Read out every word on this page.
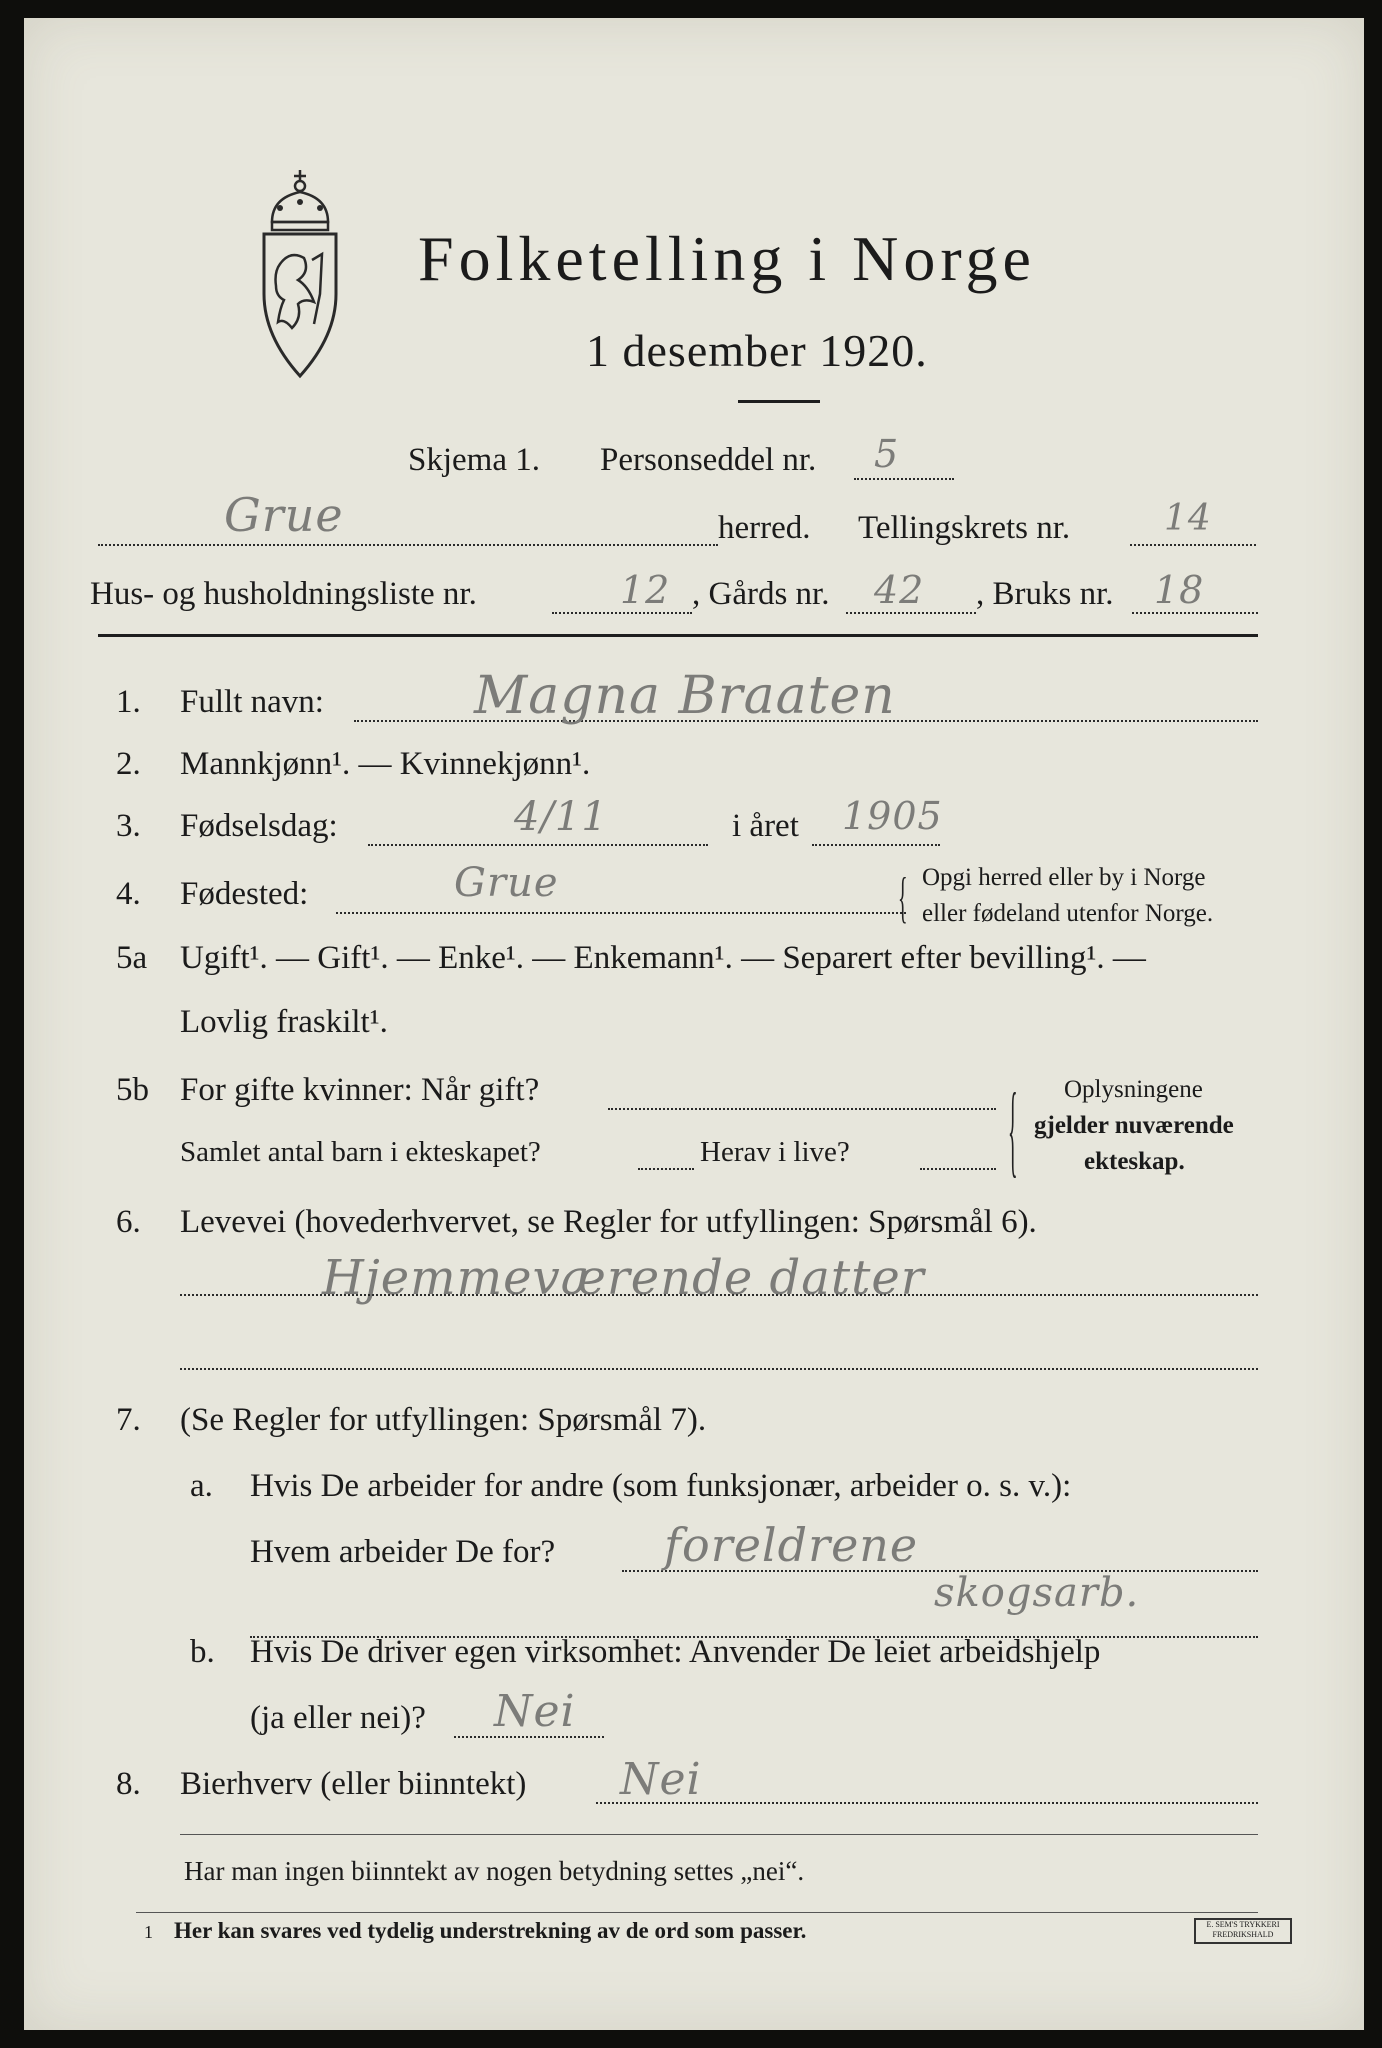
Folketelling i Norge
1 desember 1920.
Skjema 1. Personseddel nr. 5
Grue	herred. Tellingskrets nr.	14
Hus- og husholdningsliste nr.	12 , Gårds nr. 42 , Bruks nr. 18
1. Fullt navn:	Magna Braaten
2. Mannkjønn¹. — Kvinnekjønn¹.
3. Fødselsdag:	4/11	i året 1905
4. Fødested:	Grue	{ Opgi herred eller by i Norge
eller fødeland utenfor Norge.
5a Ugift¹. — Gift¹. — Enke¹. — Enkemann¹. — Separert efter bevilling¹. —
Lovlig fraskilt¹.
5b For gifte kvinner: Når gift?
Samlet antal barn i ekteskapet?	Herav i live?	{ Oplysningene
gjelder nuværende
ekteskap.
6. Levevei (hovederhvervet, se Regler for utfyllingen: Spørsmål 6).
Hjemmeværende datter
7. (Se Regler for utfyllingen: Spørsmål 7).
a. Hvis De arbeider for andre (som funksjonær, arbeider o. s. v.):
Hvem arbeider De for? foreldrene
skogsarb.
b. Hvis De driver egen virksomhet: Anvender De leiet arbeidshjelp
(ja eller nei)? Nei
8. Bierhverv (eller biinntekt) Nei
Har man ingen biinntekt av nogen betydning settes „nei“.
1 Her kan svares ved tydelig understrekning av de ord som passer.	E. SEM'S TRYKKERI FREDRIKSHALD
